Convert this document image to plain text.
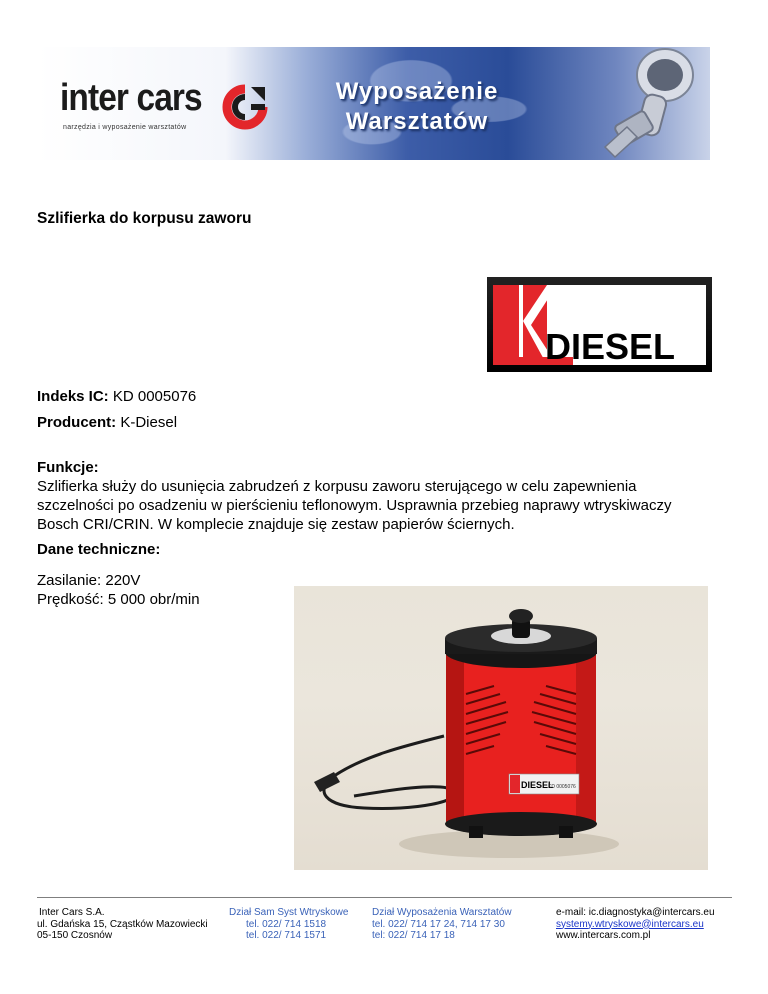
inter cars
narzędzia i wyposażenie warsztatów
Wyposażenie
Warsztatów
Szlifierka do korpusu zaworu
DIESEL
Indeks IC: KD 0005076
Producent: K-Diesel
Funkcje:
Szlifierka służy do usunięcia zabrudzeń z korpusu zaworu sterującego w celu zapewnienia szczelności po osadzeniu w pierścieniu teflonowym. Usprawnia przebieg naprawy wtryskiwaczy Bosch CRI/CRIN. W komplecie znajduje się zestaw papierów ściernych.
Dane techniczne:
Zasilanie: 220V
Prędkość: 5 000 obr/min
DIESEL
KD 0005076
Inter Cars S.A.
ul. Gdańska 15, Cząstków Mazowiecki
05-150 Czosnów
Dział Sam Syst Wtryskowe
tel. 022/ 714 1518
tel. 022/ 714 1571
Dział Wyposażenia Warsztatów
tel. 022/ 714 17 24, 714 17 30
tel: 022/ 714 17 18
e-mail: ic.diagnostyka@intercars.eu
systemy.wtryskowe@intercars.eu
www.intercars.com.pl
